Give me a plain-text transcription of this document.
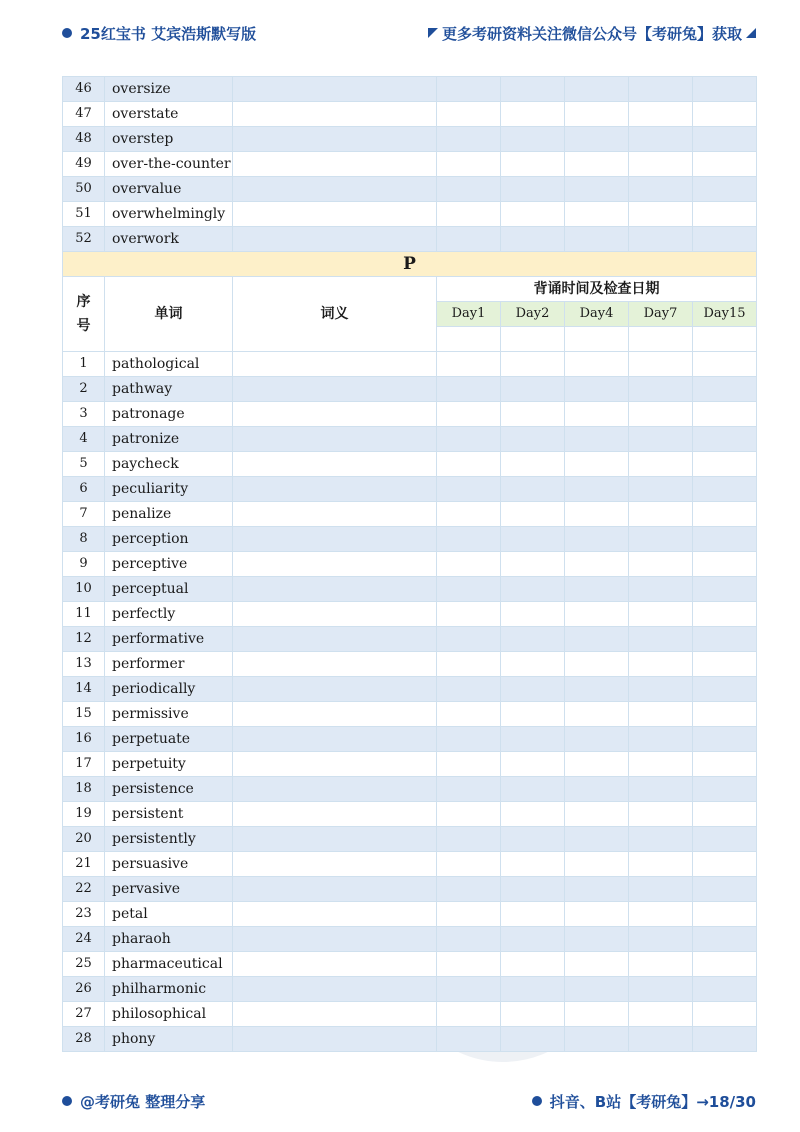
25红宝书 艾宾浩斯默写版	更多考研资料关注微信公众号【考研兔】获取
46	oversize						
47	overstate						
48	overstep						
49	over-the-counter						
50	overvalue						
51	overwhelmingly						
52	overwork						
P							
序
号	单词	词义	背诵时间及检查日期				
			Day1	Day2	Day4	Day7	Day15

1	pathological						
2	pathway						
3	patronage						
4	patronize						
5	paycheck						
6	peculiarity						
7	penalize						
8	perception						
9	perceptive						
10	perceptual						
11	perfectly						
12	performative						
13	performer						
14	periodically						
15	permissive						
16	perpetuate						
17	perpetuity						
18	persistence						
19	persistent						
20	persistently						
21	persuasive						
22	pervasive						
23	petal						
24	pharaoh						
25	pharmaceutical						
26	philharmonic						
27	philosophical						
28	phony						
@考研兔 整理分享	抖音、B站【考研兔】→18/30
